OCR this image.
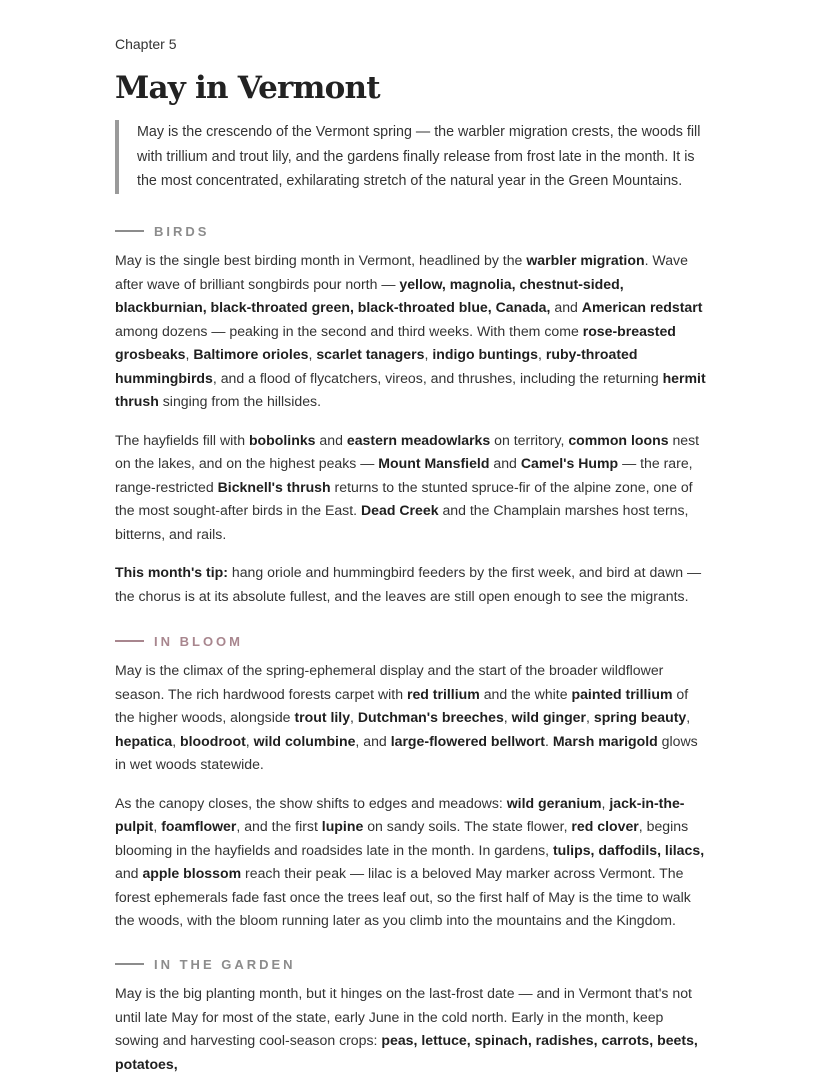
Chapter 5
May in Vermont
May is the crescendo of the Vermont spring — the warbler migration crests, the woods fill with trillium and trout lily, and the gardens finally release from frost late in the month. It is the most concentrated, exhilarating stretch of the natural year in the Green Mountains.
BIRDS

May is the single best birding month in Vermont, headlined by the warbler migration. Wave after wave of brilliant songbirds pour north — yellow, magnolia, chestnut-sided, blackburnian, black-throated green, black-throated blue, Canada, and American redstart among dozens — peaking in the second and third weeks. With them come rose-breasted grosbeaks, Baltimore orioles, scarlet tanagers, indigo buntings, ruby-throated hummingbirds, and a flood of flycatchers, vireos, and thrushes, including the returning hermit thrush singing from the hillsides.

The hayfields fill with bobolinks and eastern meadowlarks on territory, common loons nest on the lakes, and on the highest peaks — Mount Mansfield and Camel's Hump — the rare, range-restricted Bicknell's thrush returns to the stunted spruce-fir of the alpine zone, one of the most sought-after birds in the East. Dead Creek and the Champlain marshes host terns, bitterns, and rails.

This month's tip: hang oriole and hummingbird feeders by the first week, and bird at dawn — the chorus is at its absolute fullest, and the leaves are still open enough to see the migrants.

IN BLOOM

May is the climax of the spring-ephemeral display and the start of the broader wildflower season. The rich hardwood forests carpet with red trillium and the white painted trillium of the higher woods, alongside trout lily, Dutchman's breeches, wild ginger, spring beauty, hepatica, bloodroot, wild columbine, and large-flowered bellwort. Marsh marigold glows in wet woods statewide.

As the canopy closes, the show shifts to edges and meadows: wild geranium, jack-in-the-pulpit, foamflower, and the first lupine on sandy soils. The state flower, red clover, begins blooming in the hayfields and roadsides late in the month. In gardens, tulips, daffodils, lilacs, and apple blossom reach their peak — lilac is a beloved May marker across Vermont. The forest ephemerals fade fast once the trees leaf out, so the first half of May is the time to walk the woods, with the bloom running later as you climb into the mountains and the Kingdom.

IN THE GARDEN

May is the big planting month, but it hinges on the last-frost date — and in Vermont that's not until late May for most of the state, early June in the cold north. Early in the month, keep sowing and harvesting cool-season crops: peas, lettuce, spinach, radishes, carrots, beets, potatoes,
